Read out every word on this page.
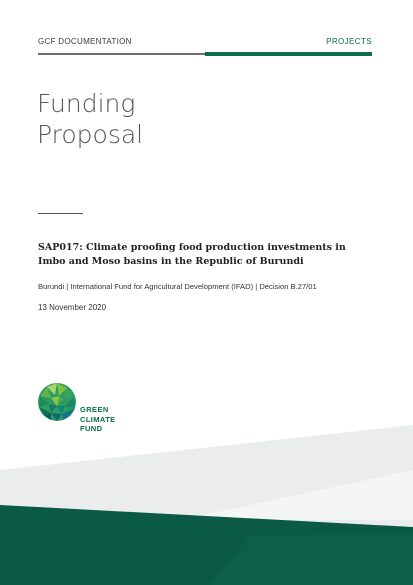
GCF DOCUMENTATION	PROJECTS
Funding
Proposal
SAP017: Climate proofing food production investments in Imbo and Moso basins in the Republic of Burundi
Burundi | International Fund for Agricultural Development (IFAD) | Decision B.27/01
13 November 2020
GREEN
CLIMATE
FUND
